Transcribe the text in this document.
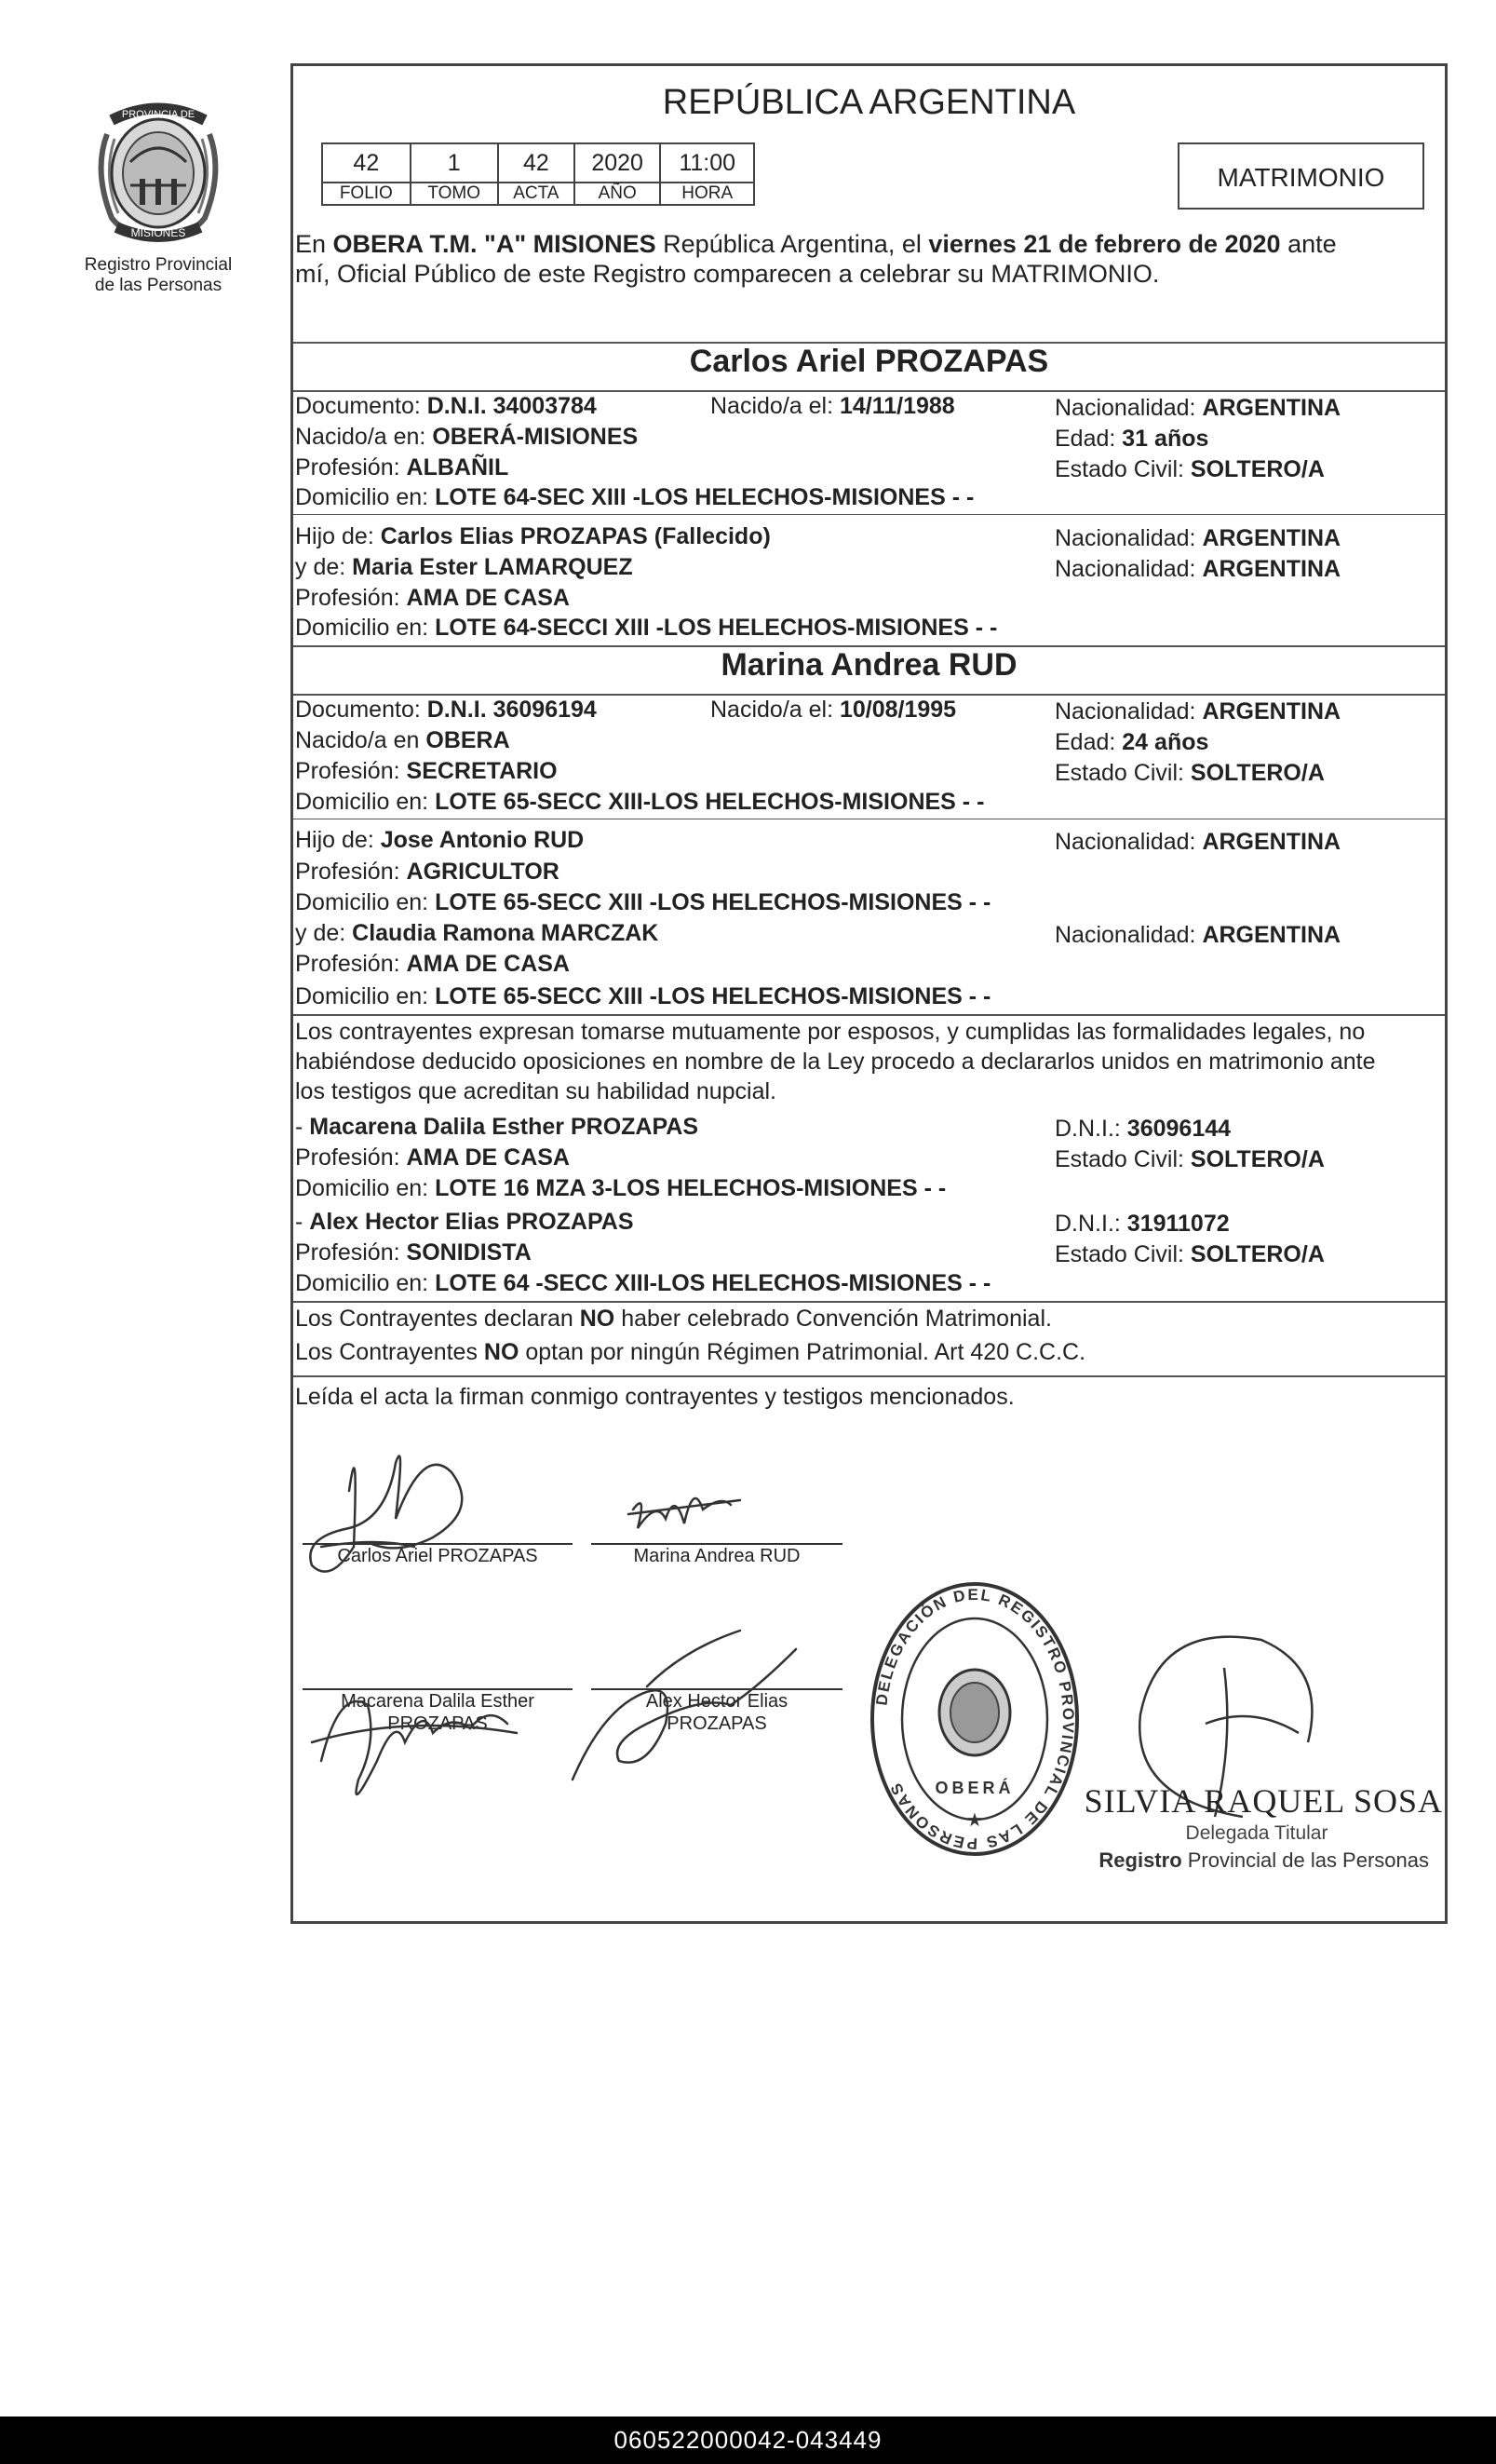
PROVINCIA DE
MISIONES
Registro Provincial
de las Personas
REPÚBLICA ARGENTINA
42	1	42	2020	11:00
FOLIO	TOMO	ACTA	AÑO	HORA
MATRIMONIO
En OBERA T.M. "A" MISIONES República Argentina, el viernes 21 de febrero de 2020 ante
mí, Oficial Público de este Registro comparecen a celebrar su MATRIMONIO.
Carlos Ariel PROZAPAS
Documento: D.N.I. 34003784	Nacido/a el: 14/11/1988	Nacionalidad: ARGENTINA
Nacido/a en: OBERÁ-MISIONES	Edad: 31 años
Profesión: ALBAÑIL	Estado Civil: SOLTERO/A
Domicilio en: LOTE 64-SEC XIII -LOS HELECHOS-MISIONES - -
Hijo de: Carlos Elias PROZAPAS (Fallecido)	Nacionalidad: ARGENTINA
y de: Maria Ester LAMARQUEZ	Nacionalidad: ARGENTINA
Profesión: AMA DE CASA
Domicilio en: LOTE 64-SECCI XIII -LOS HELECHOS-MISIONES - -
Marina Andrea RUD
Documento: D.N.I. 36096194	Nacido/a el: 10/08/1995	Nacionalidad: ARGENTINA
Nacido/a en OBERA	Edad: 24 años
Profesión: SECRETARIO	Estado Civil: SOLTERO/A
Domicilio en: LOTE 65-SECC XIII-LOS HELECHOS-MISIONES - -
Hijo de: Jose Antonio RUD	Nacionalidad: ARGENTINA
Profesión: AGRICULTOR
Domicilio en: LOTE 65-SECC XIII -LOS HELECHOS-MISIONES - -
y de: Claudia Ramona MARCZAK	Nacionalidad: ARGENTINA
Profesión: AMA DE CASA
Domicilio en: LOTE 65-SECC XIII -LOS HELECHOS-MISIONES - -
Los contrayentes expresan tomarse mutuamente por esposos, y cumplidas las formalidades legales, no
habiéndose deducido oposiciones en nombre de la Ley procedo a declararlos unidos en matrimonio ante
los testigos que acreditan su habilidad nupcial.
- Macarena Dalila Esther PROZAPAS	D.N.I.: 36096144
Profesión: AMA DE CASA	Estado Civil: SOLTERO/A
Domicilio en: LOTE 16 MZA 3-LOS HELECHOS-MISIONES - -
- Alex Hector Elias PROZAPAS	D.N.I.: 31911072
Profesión: SONIDISTA	Estado Civil: SOLTERO/A
Domicilio en: LOTE 64 -SECC XIII-LOS HELECHOS-MISIONES - -
Los Contrayentes declaran NO haber celebrado Convención Matrimonial.
Los Contrayentes NO optan por ningún Régimen Patrimonial. Art 420 C.C.C.
Leída el acta la firman conmigo contrayentes y testigos mencionados.
Carlos Ariel PROZAPAS	Marina Andrea RUD
Macarena Dalila Esther
PROZAPAS
Alex Hector Elias
PROZAPAS
DELEGACIÓN DEL REGISTRO PROVINCIAL DE LAS PERSONAS	OBERÁ
★	SILVIA RAQUEL SOSA
Delegada Titular
Registro Provincial de las Personas
060522000042-043449
